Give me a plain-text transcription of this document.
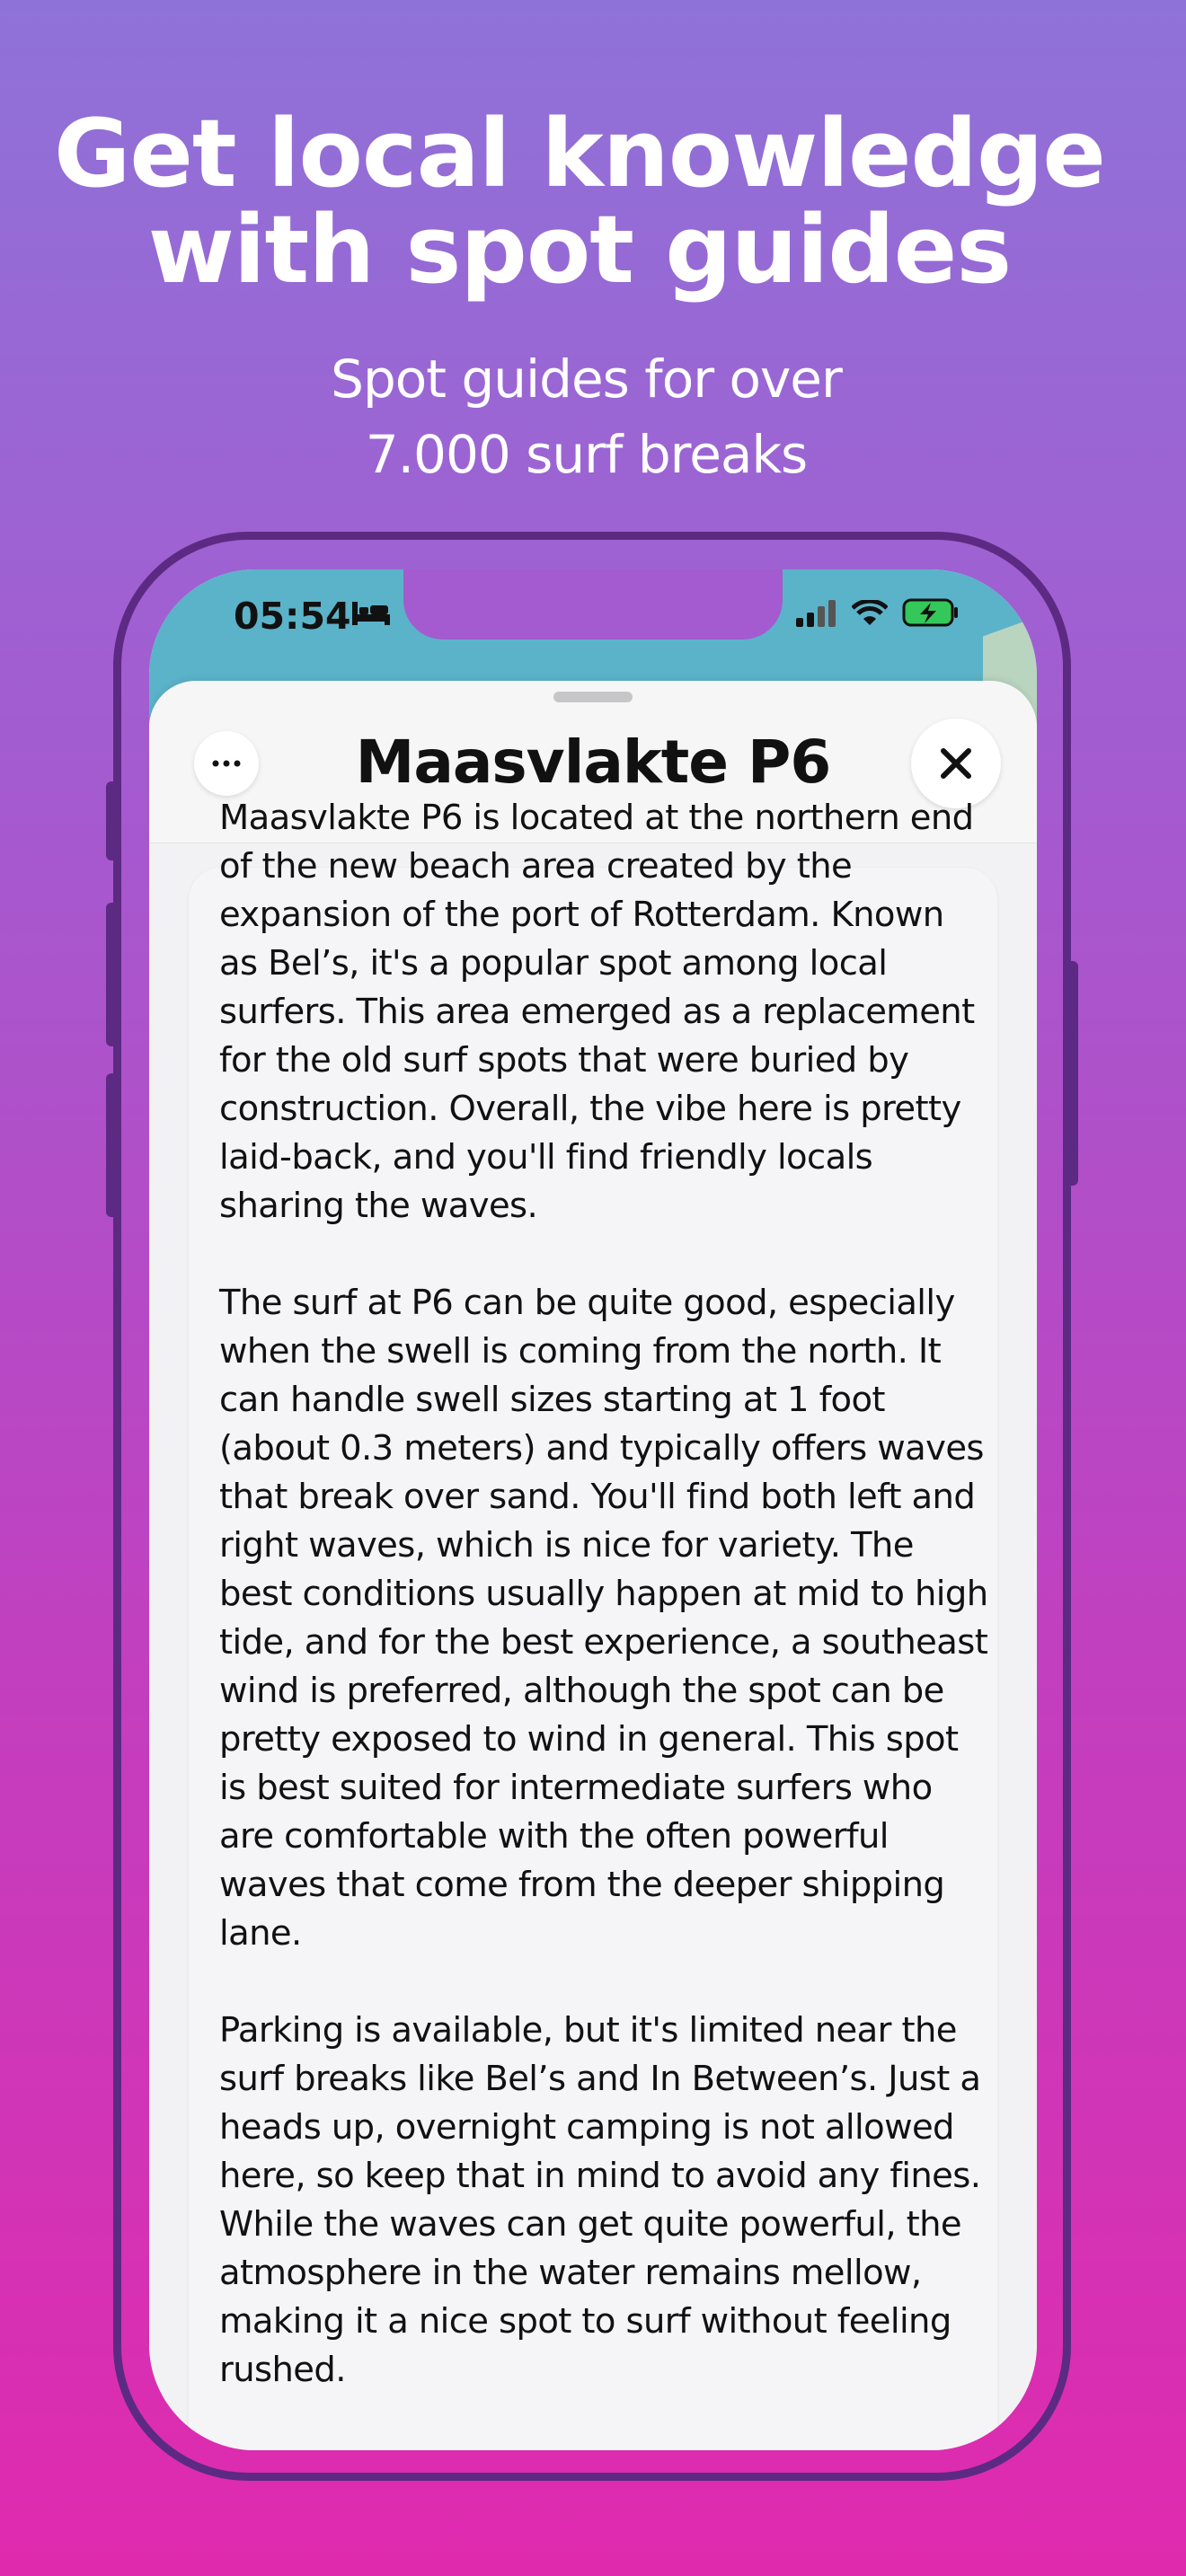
Get local knowledge
with spot guides
Spot guides for over
7.000 surf breaks
05:54
Maasvlakte P6

Maasvlakte P6 is located at the northern end of the new beach area created by the expansion of the port of Rotterdam. Known as Bel’s, it's a popular spot among local surfers. This area emerged as a replacement for the old surf spots that were buried by construction. Overall, the vibe here is pretty laid-back, and you'll find friendly locals sharing the waves.

The surf at P6 can be quite good, especially when the swell is coming from the north. It can handle swell sizes starting at 1 foot (about 0.3 meters) and typically offers waves that break over sand. You'll find both left and right waves, which is nice for variety. The best conditions usually happen at mid to high tide, and for the best experience, a southeast wind is preferred, although the spot can be pretty exposed to wind in general. This spot is best suited for intermediate surfers who are comfortable with the often powerful waves that come from the deeper shipping lane.

Parking is available, but it's limited near the surf breaks like Bel’s and In Between’s. Just a heads up, overnight camping is not allowed here, so keep that in mind to avoid any fines. While the waves can get quite powerful, the atmosphere in the water remains mellow, making it a nice spot to surf without feeling rushed.
